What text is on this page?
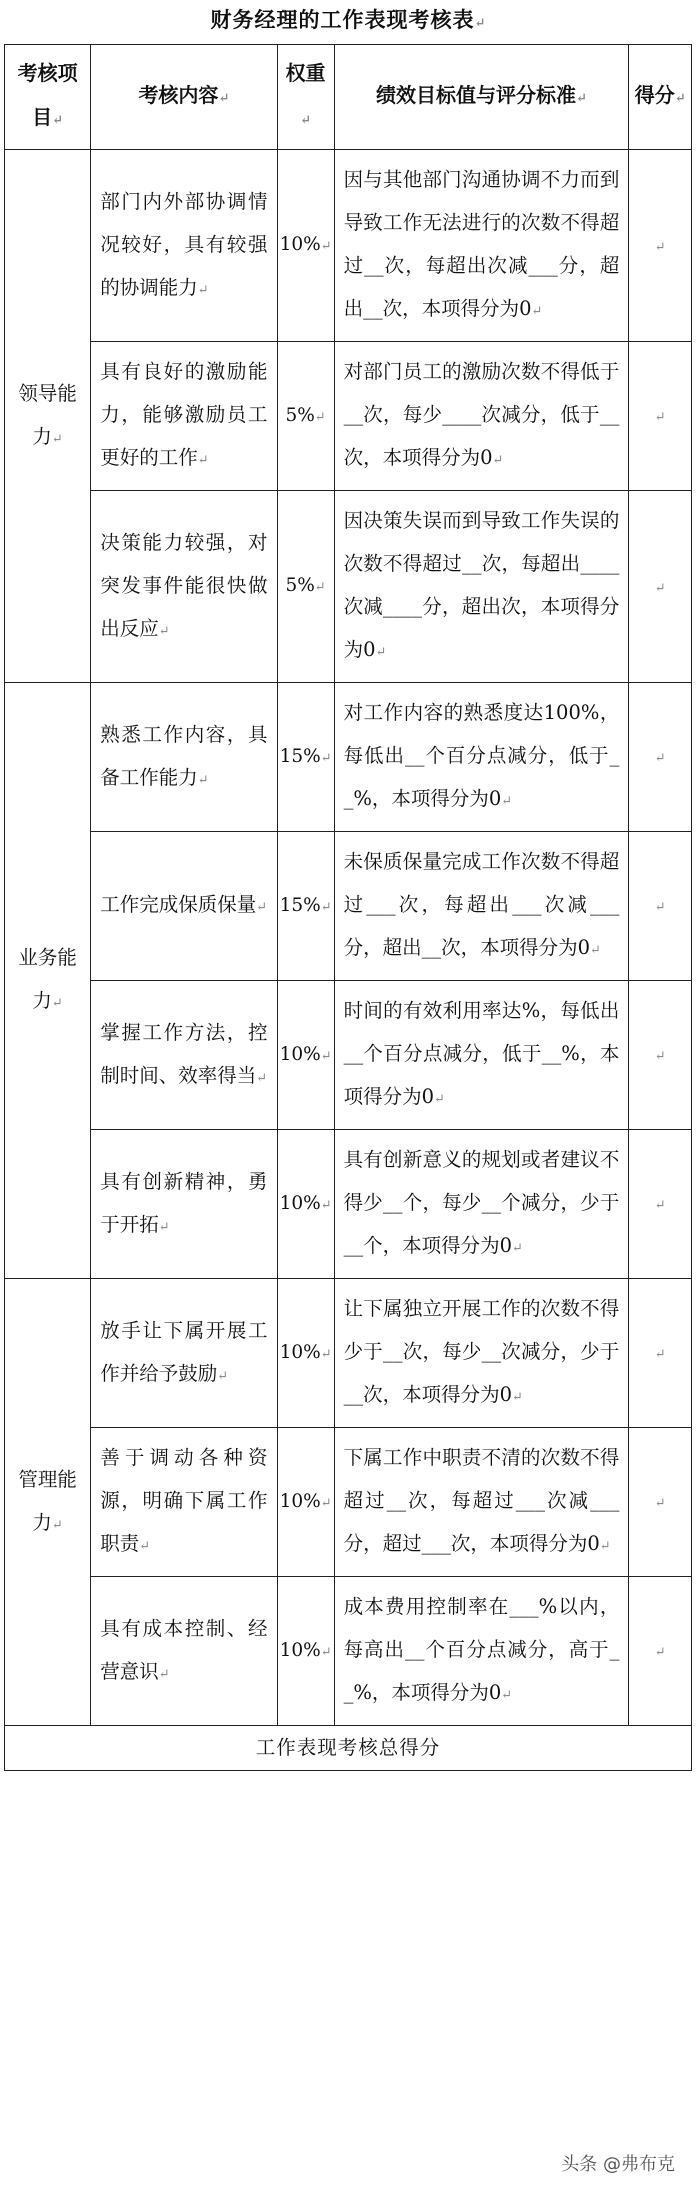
财务经理的工作表现考核表↵
考核项目↵	考核内容↵	权重↵	绩效目标值与评分标准↵	得分↵
领导能力↵	部门内外部协调情况较好，具有较强的协调能力↵	10%↵	因与其他部门沟通协调不力而到导致工作无法进行的次数不得超过__次，每超出次减___分，超出__次，本项得分为0↵	↵
	具有良好的激励能力，能够激励员工更好的工作↵	5%↵	对部门员工的激励次数不得低于__次，每少____次减分，低于__次，本项得分为0↵	↵
	决策能力较强，对突发事件能很快做出反应↵	5%↵	因决策失误而到导致工作失误的次数不得超过__次，每超出____次减____分，超出次，本项得分为0↵	↵
业务能力↵	熟悉工作内容，具备工作能力↵	15%↵	对工作内容的熟悉度达100%，每低出__个百分点减分，低于__%，本项得分为0↵	↵
	工作完成保质保量↵	15%↵	未保质保量完成工作次数不得超过___次，每超出___次减___分，超出__次，本项得分为0↵	↵
	掌握工作方法，控制时间、效率得当↵	10%↵	时间的有效利用率达%，每低出__个百分点减分，低于__%，本项得分为0↵	↵
	具有创新精神，勇于开拓↵	10%↵	具有创新意义的规划或者建议不得少__个，每少__个减分，少于__个，本项得分为0↵	↵
管理能力↵	放手让下属开展工作并给予鼓励↵	10%↵	让下属独立开展工作的次数不得少于__次，每少__次减分，少于__次，本项得分为0↵	↵
	善于调动各种资源，明确下属工作职责↵	10%↵	下属工作中职责不清的次数不得超过__次，每超过___次减___分，超过___次，本项得分为0↵	↵
	具有成本控制、经营意识↵	10%↵	成本费用控制率在___%以内，每高出__个百分点减分，高于__%，本项得分为0↵	↵
工作表现考核总得分				
头条 @弗布克
